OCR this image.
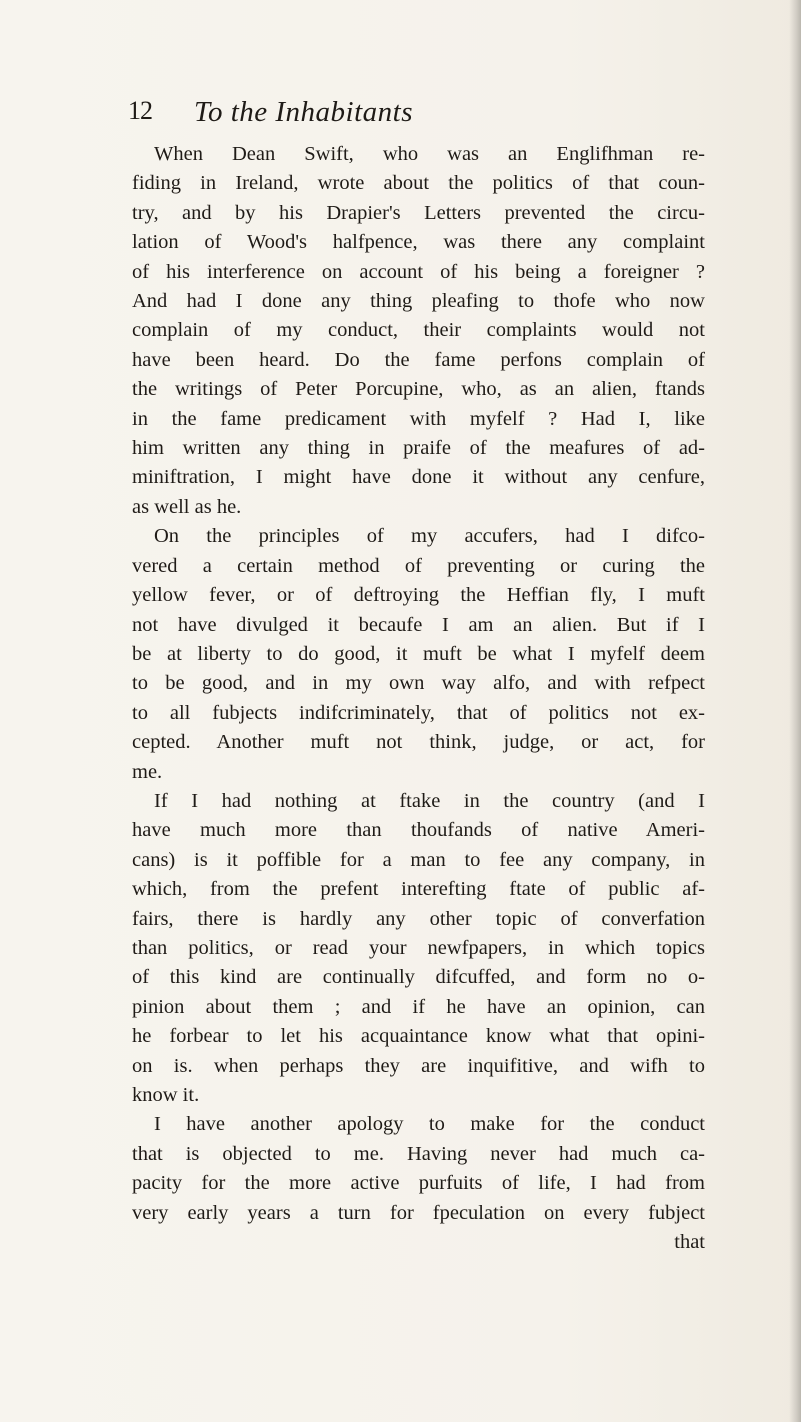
12 To the Inhabitants
When Dean Swift, who was an Englifhman re-
fiding in Ireland, wrote about the politics of that coun-
try, and by his Drapier's Letters prevented the circu-
lation of Wood's halfpence, was there any complaint
of his interference on account of his being a foreigner ?
And had I done any thing pleafing to thofe who now
complain of my conduct, their complaints would not
have been heard. Do the fame perfons complain of
the writings of Peter Porcupine, who, as an alien, ftands
in the fame predicament with myfelf ? Had I, like
him written any thing in praife of the meafures of ad-
miniftration, I might have done it without any cenfure,
as well as he.
On the principles of my accufers, had I difco-
vered a certain method of preventing or curing the
yellow fever, or of deftroying the Heffian fly, I muft
not have divulged it becaufe I am an alien. But if I
be at liberty to do good, it muft be what I myfelf deem
to be good, and in my own way alfo, and with refpect
to all fubjects indifcriminately, that of politics not ex-
cepted. Another muft not think, judge, or act, for
me.
If I had nothing at ftake in the country (and I
have much more than thoufands of native Ameri-
cans) is it poffible for a man to fee any company, in
which, from the prefent interefting ftate of public af-
fairs, there is hardly any other topic of converfation
than politics, or read your newfpapers, in which topics
of this kind are continually difcuffed, and form no o-
pinion about them ; and if he have an opinion, can
he forbear to let his acquaintance know what that opini-
on is. when perhaps they are inquifitive, and wifh to
know it.
I have another apology to make for the conduct
that is objected to me. Having never had much ca-
pacity for the more active purfuits of life, I had from
very early years a turn for fpeculation on every fubject
that
